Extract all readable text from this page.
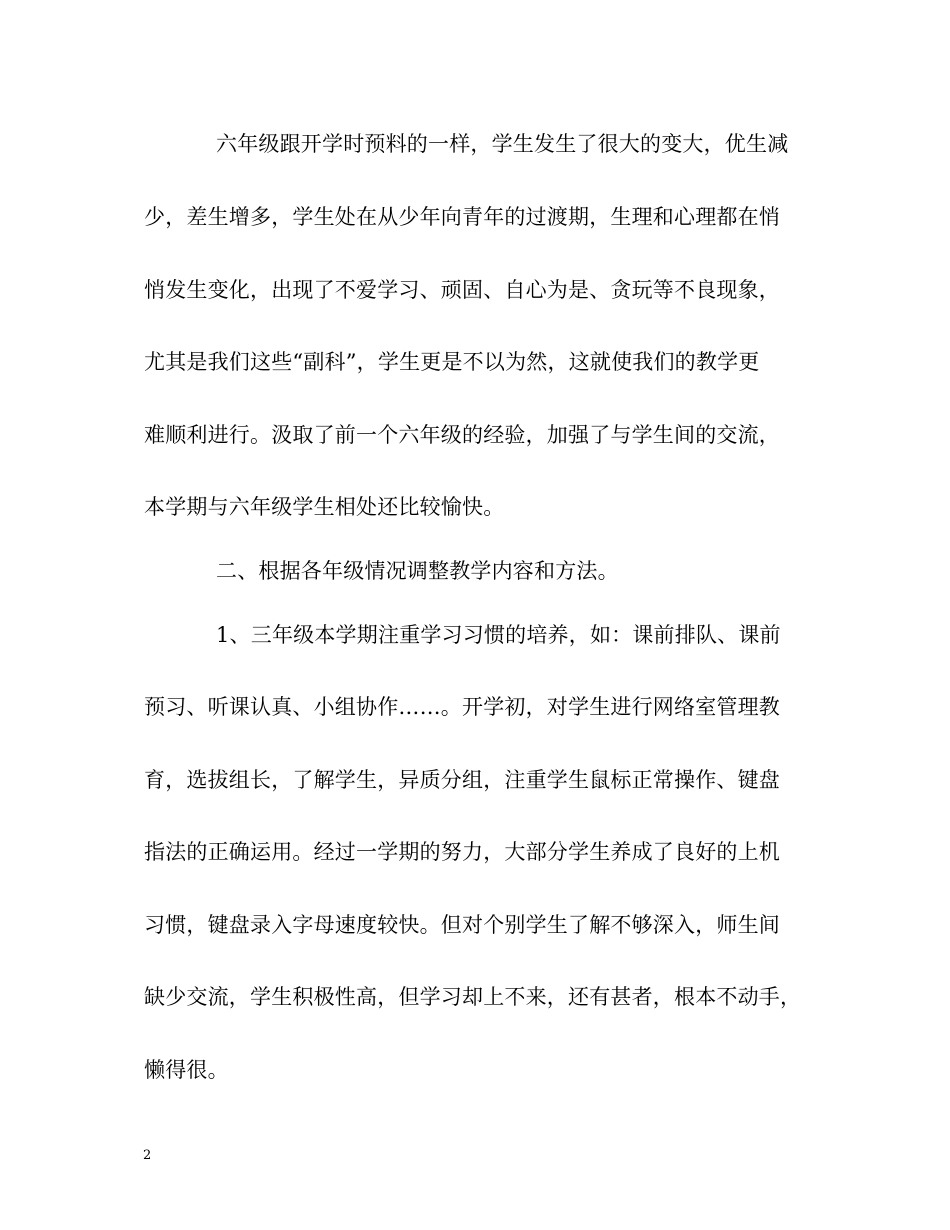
六年级跟开学时预料的一样，学生发生了很大的变大，优生减
少，差生增多，学生处在从少年向青年的过渡期，生理和心理都在悄
悄发生变化，出现了不爱学习、顽固、自心为是、贪玩等不良现象，
尤其是我们这些“副科”，学生更是不以为然，这就使我们的教学更
难顺利进行。汲取了前一个六年级的经验，加强了与学生间的交流，
本学期与六年级学生相处还比较愉快。
二、根据各年级情况调整教学内容和方法。
1、三年级本学期注重学习习惯的培养，如：课前排队、课前
预习、听课认真、小组协作……。开学初，对学生进行网络室管理教
育，选拔组长，了解学生，异质分组，注重学生鼠标正常操作、键盘
指法的正确运用。经过一学期的努力，大部分学生养成了良好的上机
习惯，键盘录入字母速度较快。但对个别学生了解不够深入，师生间
缺少交流，学生积极性高，但学习却上不来，还有甚者，根本不动手，
懒得很。
2
